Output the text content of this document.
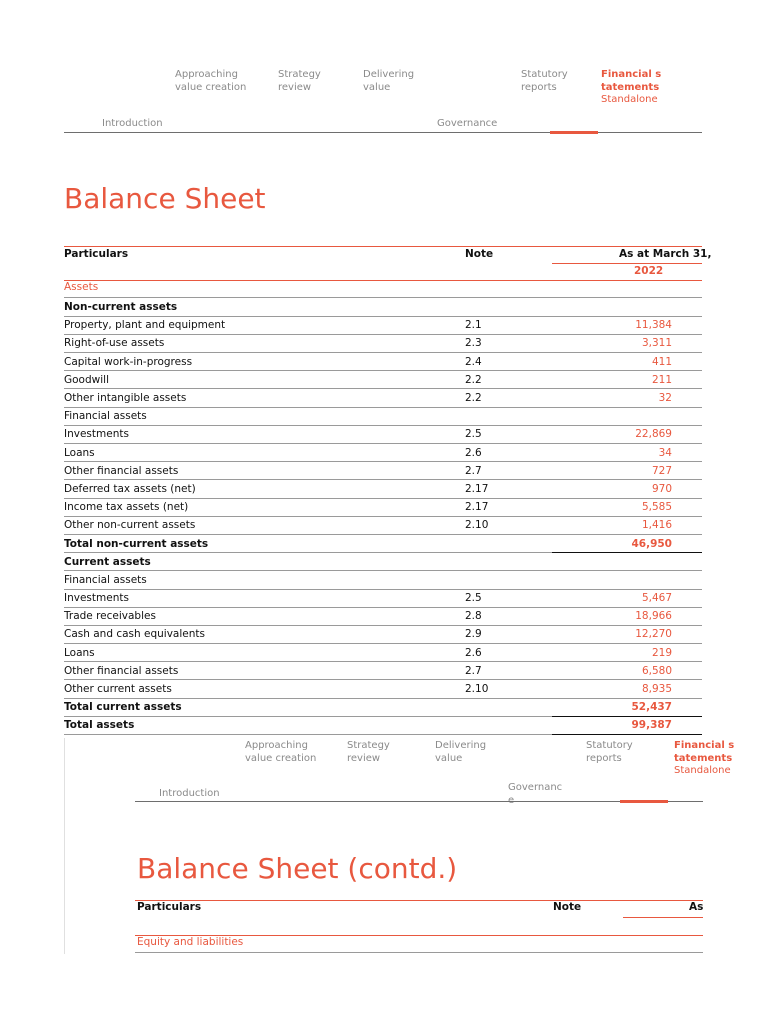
Introduction
Approaching value creation
Strategy review
Delivering value
Governance
Statutory reports
Financial statements
Standalone
Balance Sheet
Particulars	Note	As at March 31,
2022
Assets
Non-current assets		
Property, plant and equipment	2.1	11,384
Right-of-use assets	2.3	3,311
Capital work-in-progress	2.4	411
Goodwill	2.2	211
Other intangible assets	2.2	32
Financial assets		
Investments	2.5	22,869
Loans	2.6	34
Other financial assets	2.7	727
Deferred tax assets (net)	2.17	970
Income tax assets (net)	2.17	5,585
Other non-current assets	2.10	1,416
Total non-current assets		46,950
Current assets		
Financial assets		
Investments	2.5	5,467
Trade receivables	2.8	18,966
Cash and cash equivalents	2.9	12,270
Loans	2.6	219
Other financial assets	2.7	6,580
Other current assets	2.10	8,935
Total current assets		52,437
Total assets		99,387
Introduction
Approaching value creation
Strategy review
Delivering value
Governance
Statutory reports
Financial statements
Standalone
Balance Sheet (contd.)
Particulars	Note	As
Equity and liabilities
